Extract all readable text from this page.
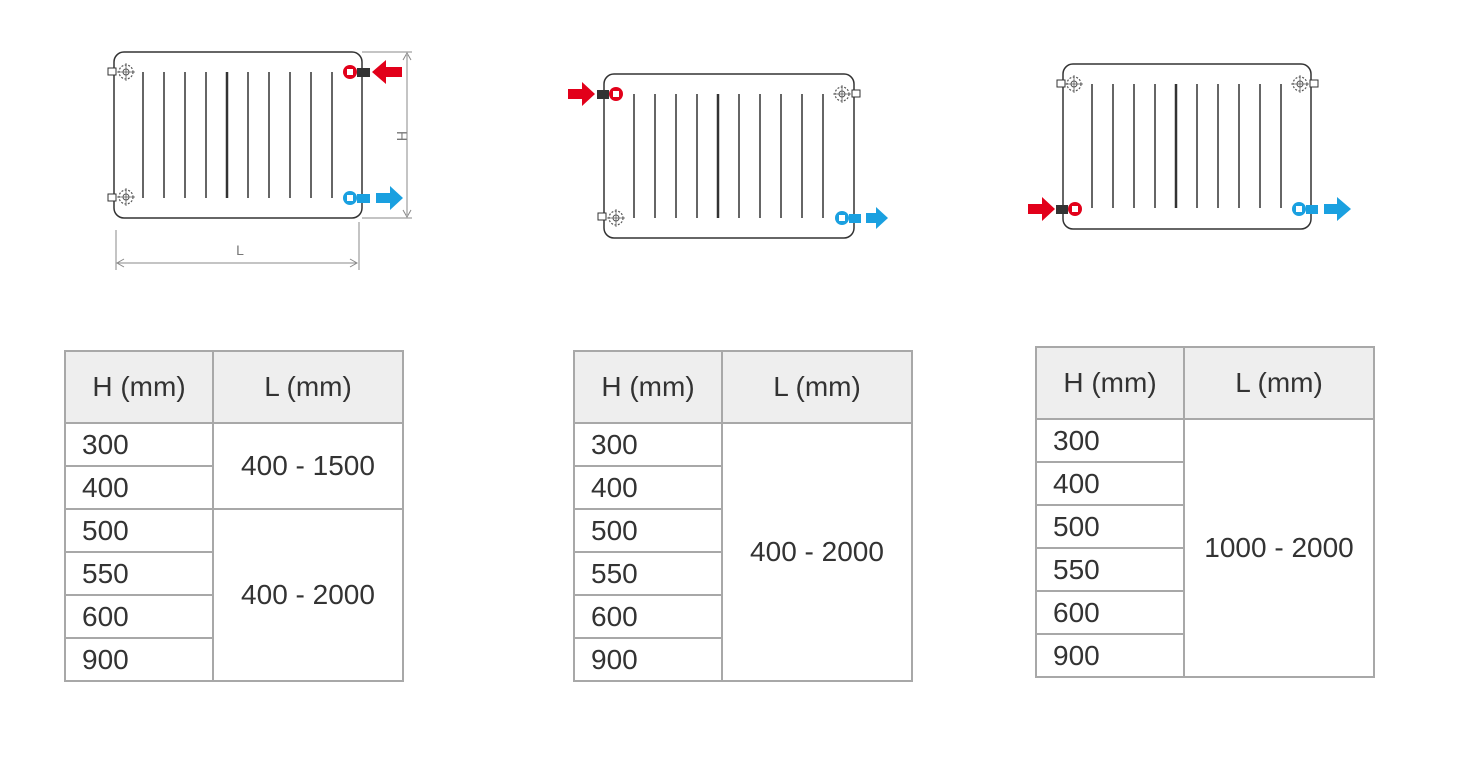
H
L
H (mm)	L (mm)
300	400 - 1500
400	
500	400 - 2000
550	
600	
900	
H (mm)	L (mm)
300	400 - 2000
400	
500	
550	
600	
900	
H (mm)	L (mm)
300	1000 - 2000
400	
500	
550	
600	
900	
